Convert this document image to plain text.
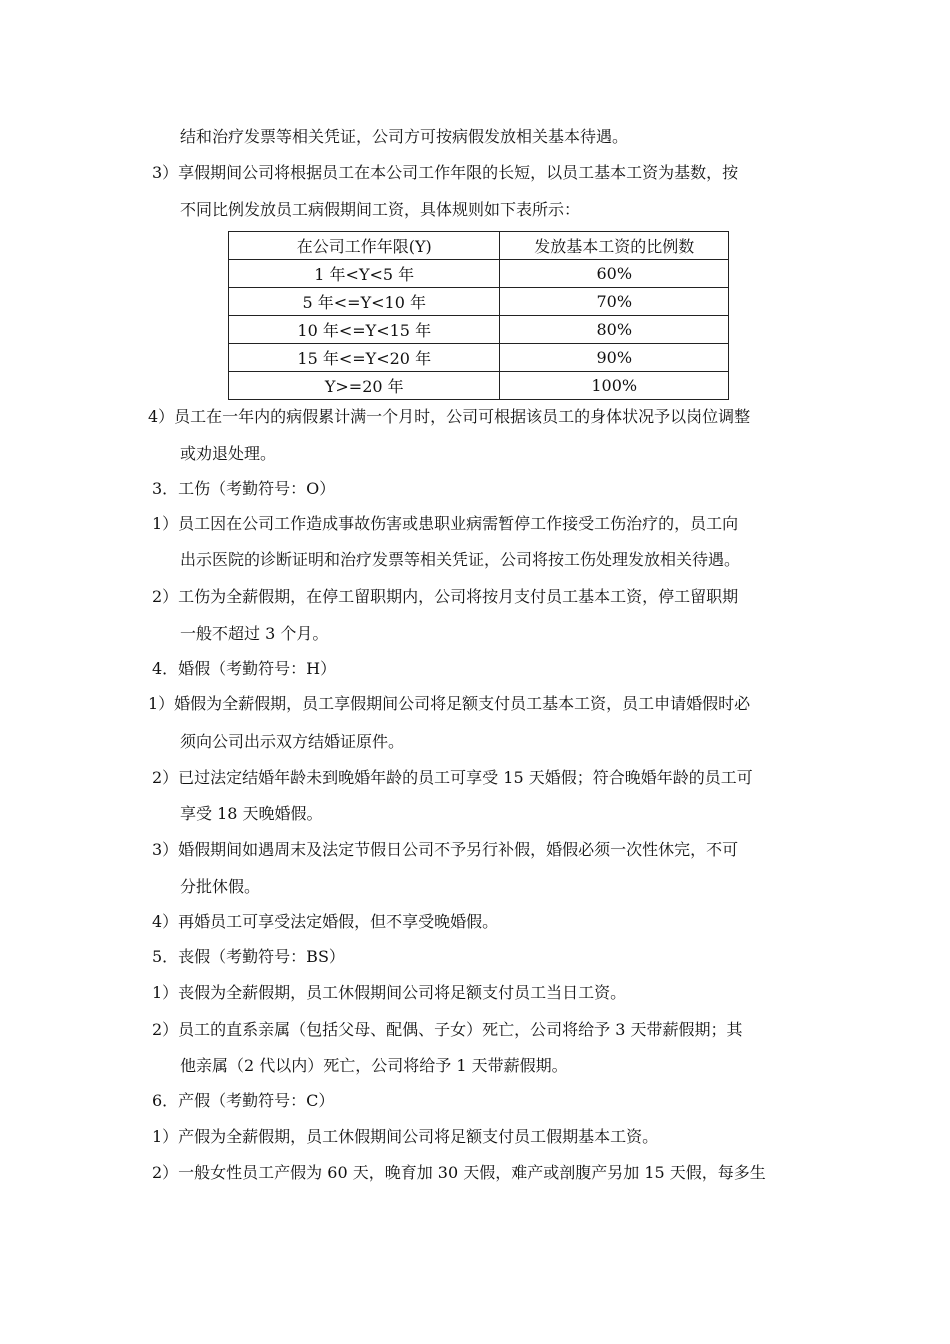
结和治疗发票等相关凭证，公司方可按病假发放相关基本待遇。
3）享假期间公司将根据员工在本公司工作年限的长短，以员工基本工资为基数，按
不同比例发放员工病假期间工资，具体规则如下表所示：
在公司工作年限(Y)	发放基本工资的比例数
1 年<Y<5 年	60%
5 年<=Y<10 年	70%
10 年<=Y<15 年	80%
15 年<=Y<20 年	90%
Y>=20 年	100%
4）员工在一年内的病假累计满一个月时，公司可根据该员工的身体状况予以岗位调整
或劝退处理。
3．工伤（考勤符号：O）
1）员工因在公司工作造成事故伤害或患职业病需暂停工作接受工伤治疗的，员工向
出示医院的诊断证明和治疗发票等相关凭证，公司将按工伤处理发放相关待遇。
2）工伤为全薪假期，在停工留职期内，公司将按月支付员工基本工资，停工留职期
一般不超过 3 个月。
4．婚假（考勤符号：H）
1）婚假为全薪假期，员工享假期间公司将足额支付员工基本工资，员工申请婚假时必
须向公司出示双方结婚证原件。
2）已过法定结婚年龄未到晚婚年龄的员工可享受 15 天婚假；符合晚婚年龄的员工可
享受 18 天晚婚假。
3）婚假期间如遇周末及法定节假日公司不予另行补假，婚假必须一次性休完，不可
分批休假。
4）再婚员工可享受法定婚假，但不享受晚婚假。
5．丧假（考勤符号：BS）
1）丧假为全薪假期，员工休假期间公司将足额支付员工当日工资。
2）员工的直系亲属（包括父母、配偶、子女）死亡，公司将给予 3 天带薪假期；其
他亲属（2 代以内）死亡，公司将给予 1 天带薪假期。
6．产假（考勤符号：C）
1）产假为全薪假期，员工休假期间公司将足额支付员工假期基本工资。
2）一般女性员工产假为 60 天，晚育加 30 天假，难产或剖腹产另加 15 天假，每多生
